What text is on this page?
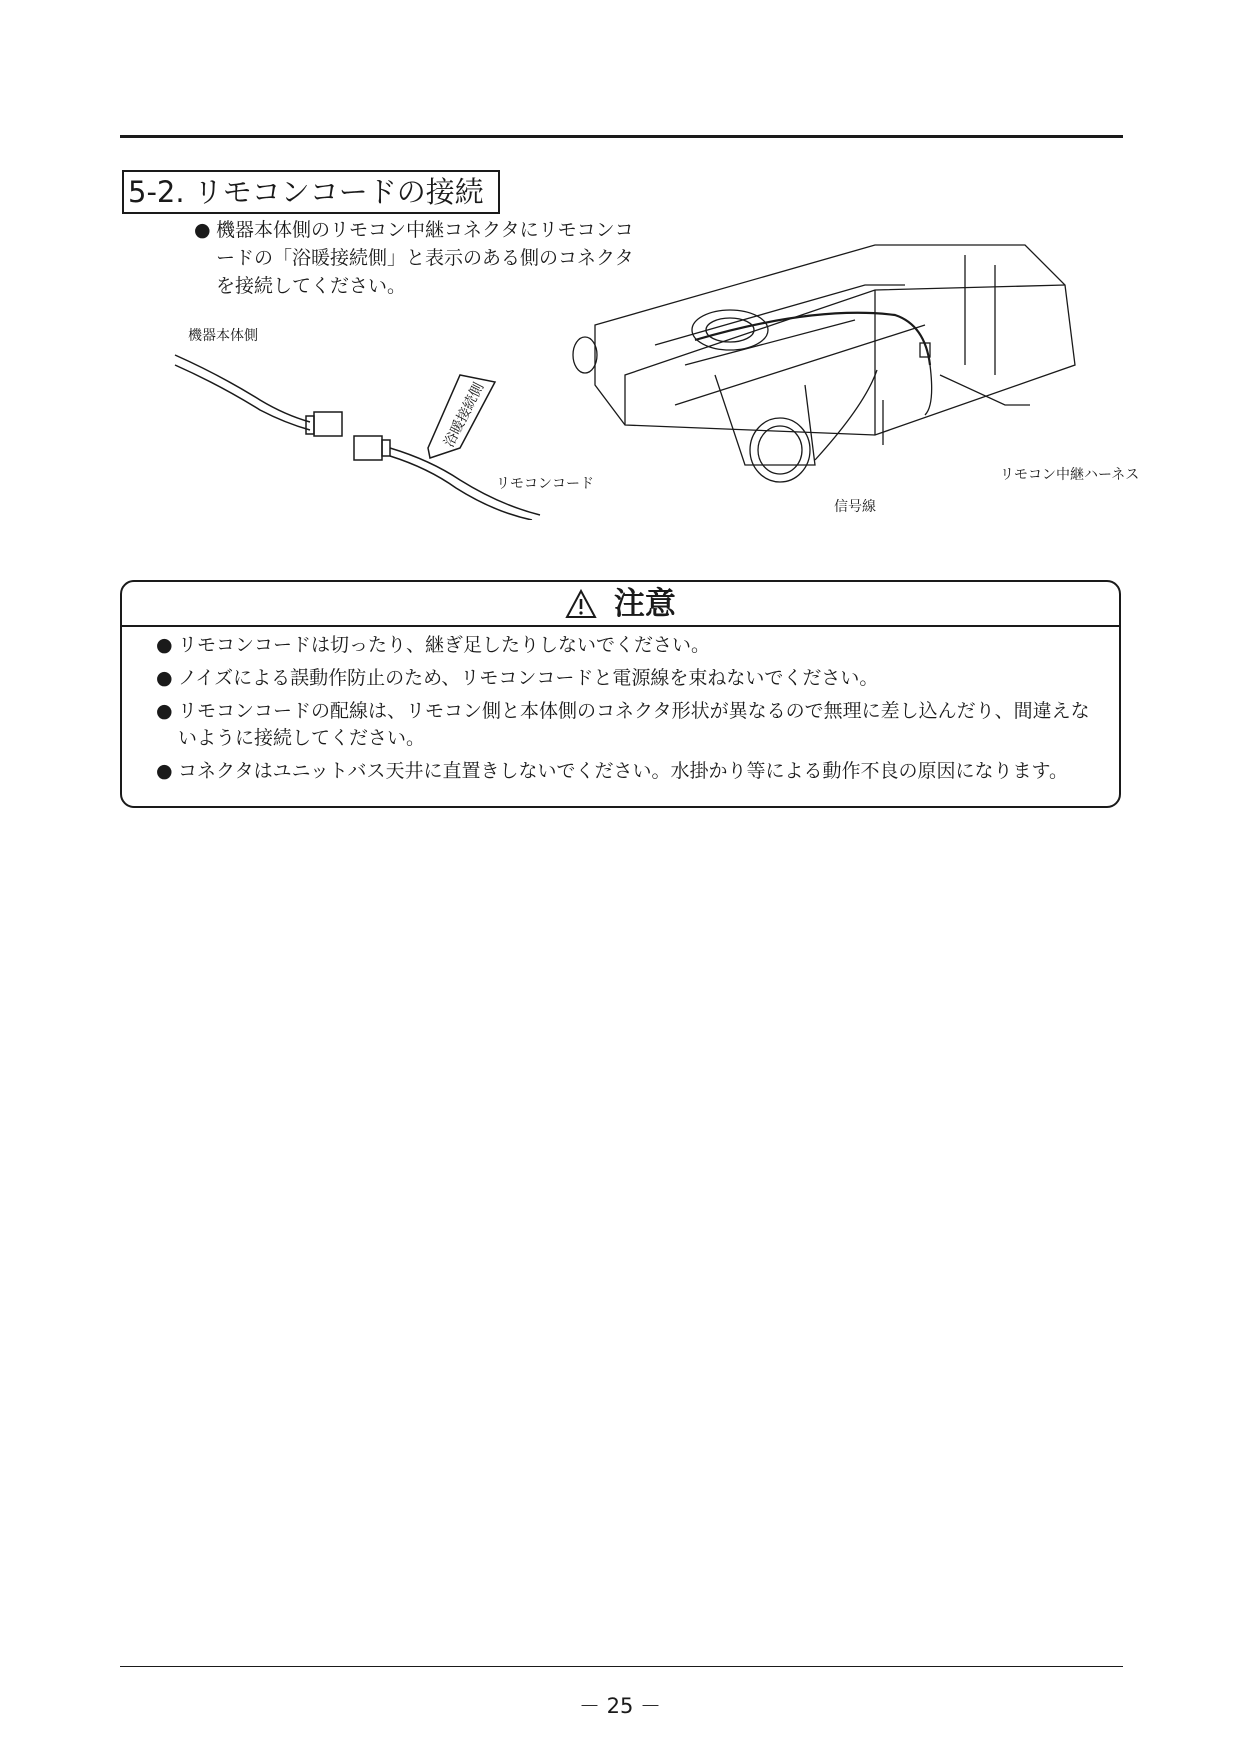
5-2. リモコンコードの接続
● 機器本体側のリモコン中継コネクタにリモコンコードの「浴暖接続側」と表示のある側のコネクタを接続してください。
機器本体側
浴暖接続側
リモコンコード
リモコン中継ハーネス
信号線
注意
● リモコンコードは切ったり、継ぎ足したりしないでください。
● ノイズによる誤動作防止のため、リモコンコードと電源線を束ねないでください。
● リモコンコードの配線は、リモコン側と本体側のコネクタ形状が異なるので無理に差し込んだり、間違えないように接続してください。
● コネクタはユニットバス天井に直置きしないでください。水掛かり等による動作不良の原因になります。
－ 25 －
